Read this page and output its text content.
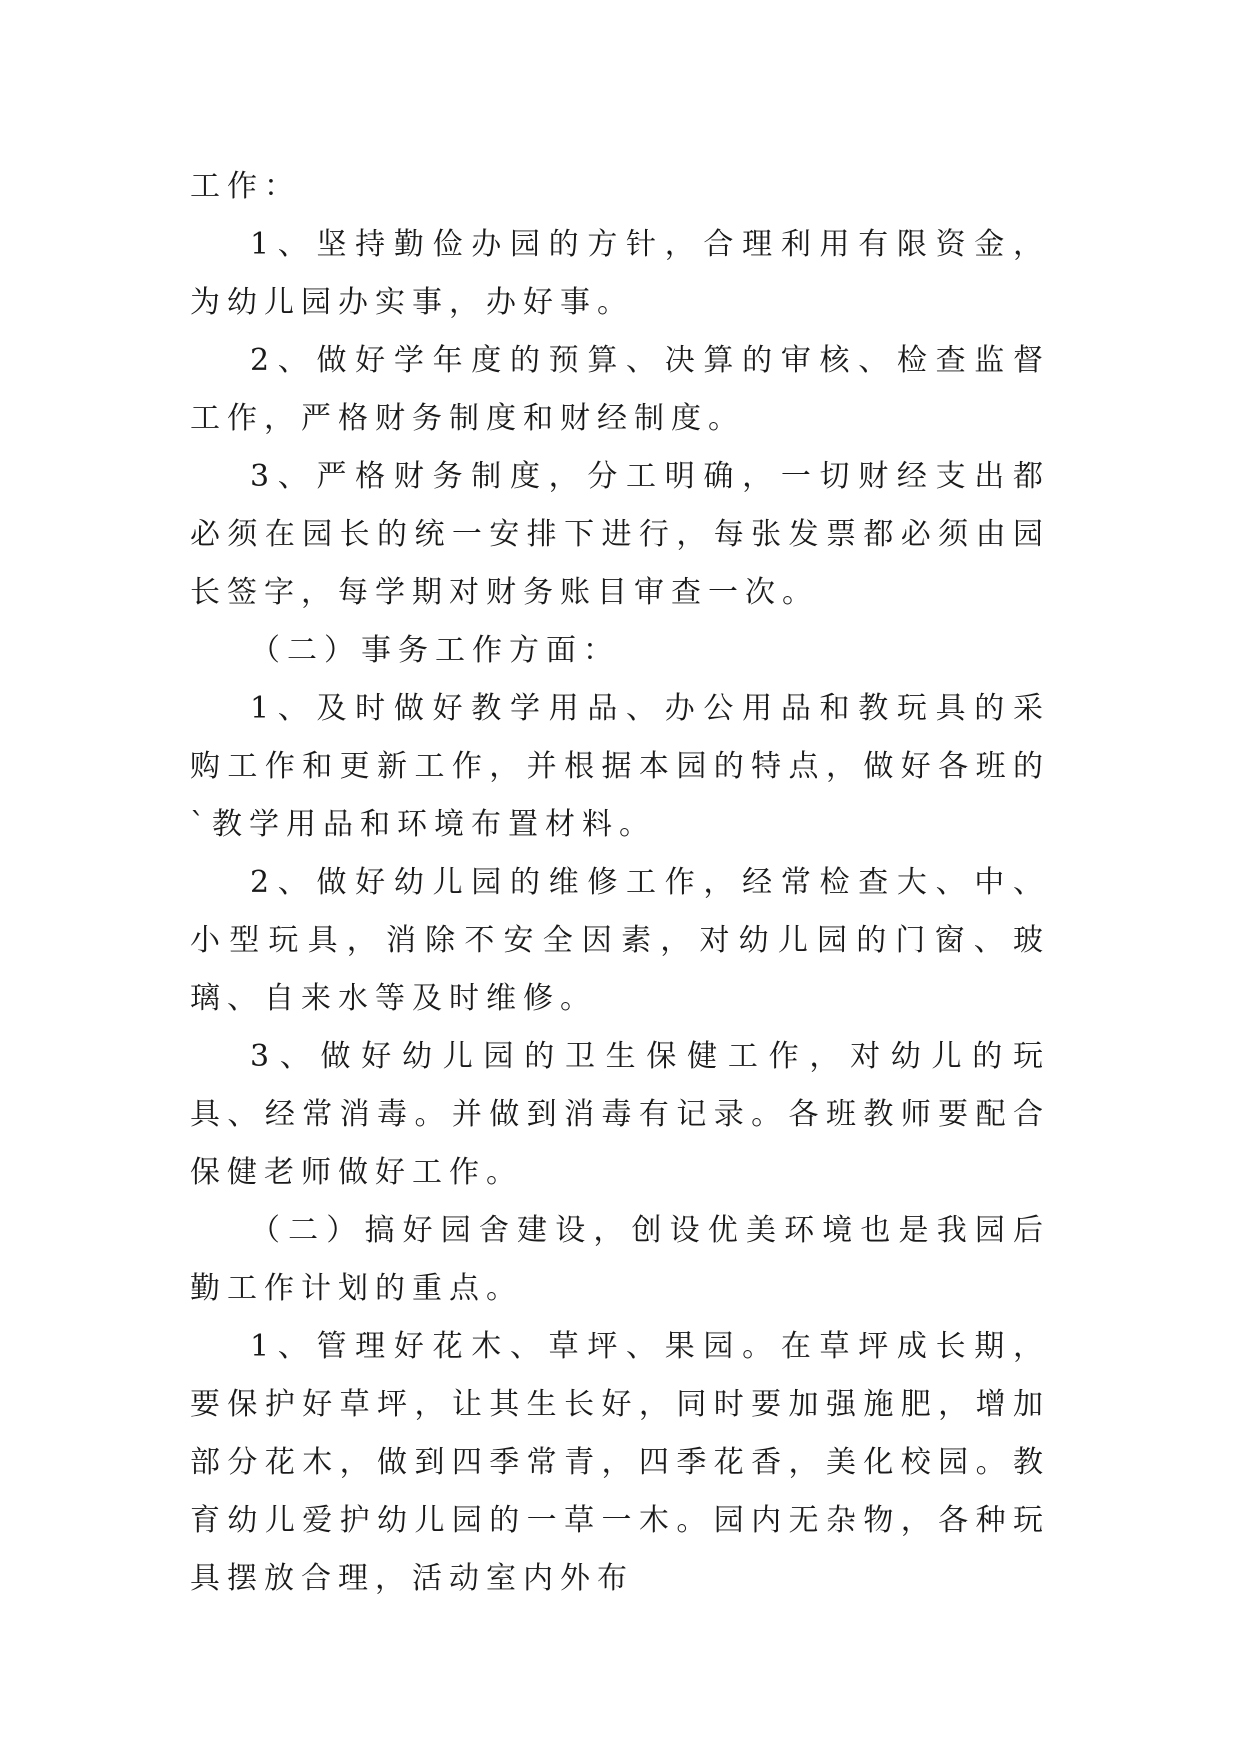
工作：

1、坚持勤俭办园的方针，合理利用有限资金，为幼儿园办实事，办好事。

2、做好学年度的预算、决算的审核、检查监督工作，严格财务制度和财经制度。

3、严格财务制度，分工明确，一切财经支出都必须在园长的统一安排下进行，每张发票都必须由园长签字，每学期对财务账目审查一次。

（二）事务工作方面：

1、及时做好教学用品、办公用品和教玩具的采购工作和更新工作，并根据本园的特点，做好各班的`教学用品和环境布置材料。

2、做好幼儿园的维修工作，经常检查大、中、小型玩具，消除不安全因素，对幼儿园的门窗、玻璃、自来水等及时维修。

3、做好幼儿园的卫生保健工作，对幼儿的玩具、经常消毒。并做到消毒有记录。各班教师要配合保健老师做好工作。

（二）搞好园舍建设，创设优美环境也是我园后勤工作计划的重点。

1、管理好花木、草坪、果园。在草坪成长期，要保护好草坪，让其生长好，同时要加强施肥，增加部分花木，做到四季常青，四季花香，美化校园。教育幼儿爱护幼儿园的一草一木。园内无杂物，各种玩具摆放合理，活动室内外布
